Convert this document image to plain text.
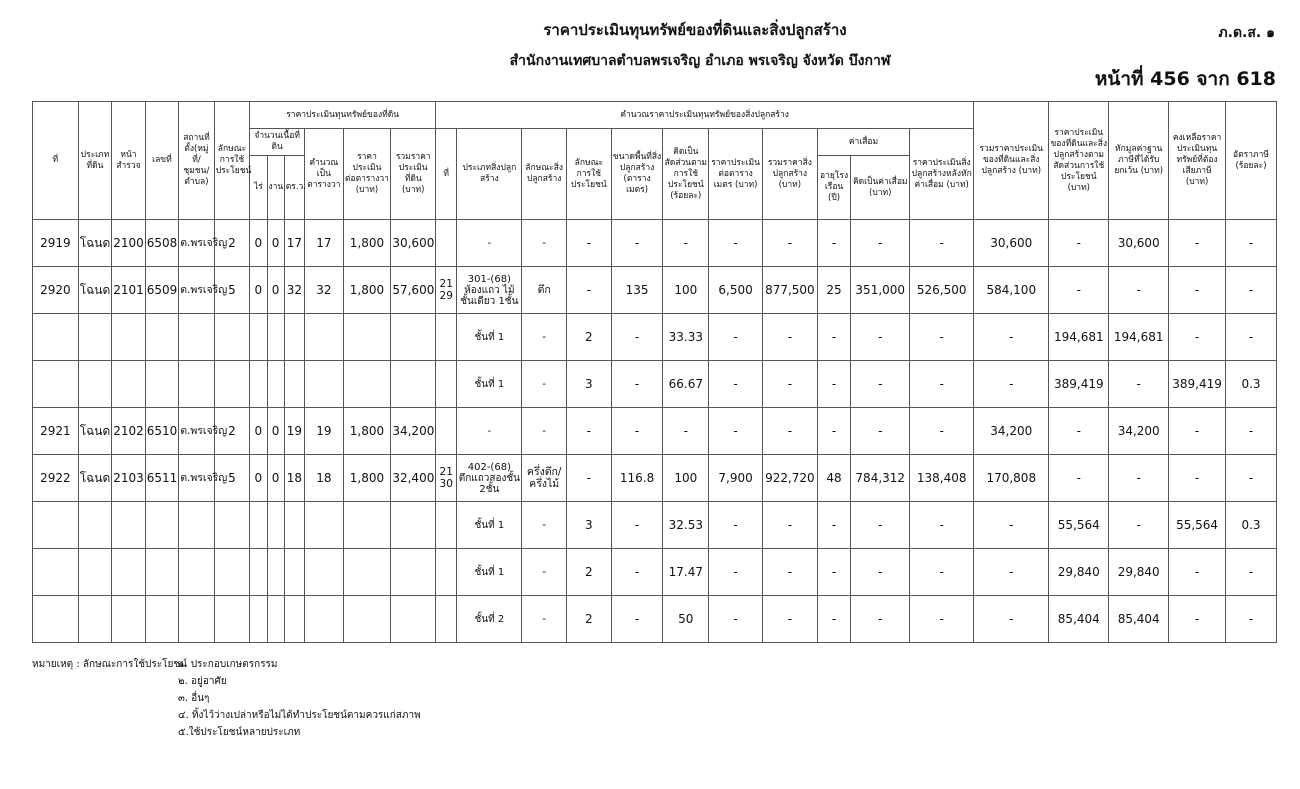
ราคาประเมินทุนทรัพย์ของที่ดินและสิ่งปลูกสร้าง
สำนักงานเทศบาลตำบลพรเจริญ อำเภอ พรเจริญ จังหวัด บึงกาฬ
ภ.ด.ส. ๑
หน้าที่ 456 จาก 618
ที่	ประเภทที่ดิน	หน้าสำรวจ	เลขที่	สถานที่ตั้ง(หมู่ที่/ชุมชน/ตำบล)	ลักษณะการใช้ประโยชน์	ราคาประเมินทุนทรัพย์ของที่ดิน						คำนวณราคาประเมินทุนทรัพย์ของสิ่งปลูกสร้าง											รวมราคาประเมินของที่ดินและสิ่งปลูกสร้าง (บาท)	ราคาประเมินของที่ดินและสิ่งปลูกสร้างตามสัดส่วนการใช้ประโยชน์ (บาท)	หักมูลค่าฐานภาษีที่ได้รับยกเว้น (บาท)	คงเหลือราคาประเมินทุนทรัพย์ที่ต้องเสียภาษี (บาท)	อัตราภาษี (ร้อยละ)
						จำนวนเนื้อที่ดิน			คำนวณเป็นตารางวา	ราคาประเมินต่อตารางวา (บาท)	รวมราคาประเมินที่ดิน (บาท)	ที่	ประเภทสิ่งปลูกสร้าง	ลักษณะสิ่งปลูกสร้าง	ลักษณะการใช้ประโยชน์	ขนาดพื้นที่สิ่งปลูกสร้าง (ตารางเมตร)	คิดเป็นสัดส่วนตามการใช้ประโยชน์ (ร้อยละ)	ราคาประเมินต่อตารางเมตร (บาท)	รวมราคาสิ่งปลูกสร้าง (บาท)	ค่าเสื่อม		ราคาประเมินสิ่งปลูกสร้างหลังหักค่าเสื่อม (บาท)					
						ไร่	งาน	ตร.ว.												อายุโรงเรือน (ปี)	คิดเป็นค่าเสื่อม (บาท)						
2919	โฉนด	2100	6508	ต.พรเจริญ	2	0	0	17	17	1,800	30,600		-	-	-	-	-	-	-	-	-	-	30,600	-	30,600	-	-
2920	โฉนด	2101	6509	ต.พรเจริญ	5	0	0	32	32	1,800	57,600	21 29	301-(68) ห้องแถว ไม้ชั้นเดียว 1ชั้น	ตึก	-	135	100	6,500	877,500	25	351,000	526,500	584,100	-	-	-	-
													ชั้นที่ 1	-	2	-	33.33	-	-	-	-	-	-	194,681	194,681	-	-
													ชั้นที่ 1	-	3	-	66.67	-	-	-	-	-	-	389,419	-	389,419	0.3
2921	โฉนด	2102	6510	ต.พรเจริญ	2	0	0	19	19	1,800	34,200		-	-	-	-	-	-	-	-	-	-	34,200	-	34,200	-	-
2922	โฉนด	2103	6511	ต.พรเจริญ	5	0	0	18	18	1,800	32,400	21 30	402-(68) ตึกแถวสองชั้น 2ชั้น	ครึ่งตึก/ครึ่งไม้	-	116.8	100	7,900	922,720	48	784,312	138,408	170,808	-	-	-	-
													ชั้นที่ 1	-	3	-	32.53	-	-	-	-	-	-	55,564	-	55,564	0.3
													ชั้นที่ 1	-	2	-	17.47	-	-	-	-	-	-	29,840	29,840	-	-
													ชั้นที่ 2	-	2	-	50	-	-	-	-	-	-	85,404	85,404	-	-
หมายเหตุ : ลักษณะการใช้ประโยชน์
๑. ประกอบเกษตรกรรม
๒. อยู่อาศัย
๓. อื่นๆ
๔. ทิ้งไว้ว่างเปล่าหรือไม่ได้ทำประโยชน์ตามควรแก่สภาพ
๕.ใช้ประโยชน์หลายประเภท
